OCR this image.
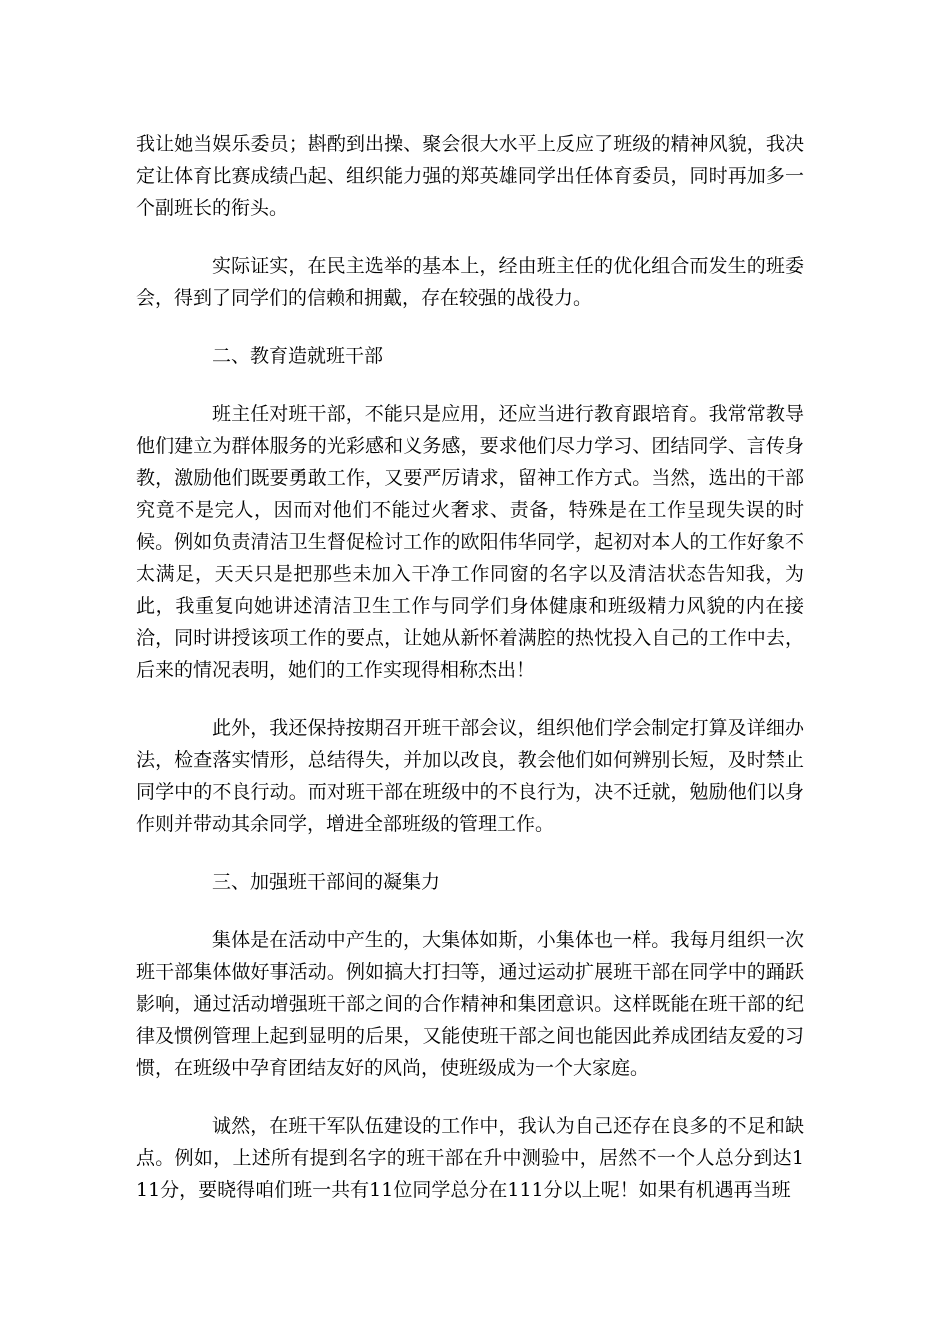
我让她当娱乐委员；斟酌到出操、聚会很大水平上反应了班级的精神风貌，我决定让体育比赛成绩凸起、组织能力强的郑英雄同学出任体育委员，同时再加多一个副班长的衔头。

实际证实，在民主选举的基本上，经由班主任的优化组合而发生的班委会，得到了同学们的信赖和拥戴，存在较强的战役力。

二、教育造就班干部

班主任对班干部，不能只是应用，还应当进行教育跟培育。我常常教导他们建立为群体服务的光彩感和义务感，要求他们尽力学习、团结同学、言传身教，激励他们既要勇敢工作，又要严厉请求，留神工作方式。当然，选出的干部究竟不是完人，因而对他们不能过火奢求、责备，特殊是在工作呈现失误的时候。例如负责清洁卫生督促检讨工作的欧阳伟华同学，起初对本人的工作好象不太满足，天天只是把那些未加入干净工作同窗的名字以及清洁状态告知我，为此，我重复向她讲述清洁卫生工作与同学们身体健康和班级精力风貌的内在接洽，同时讲授该项工作的要点，让她从新怀着满腔的热忱投入自己的工作中去，后来的情况表明，她们的工作实现得相称杰出！

此外，我还保持按期召开班干部会议，组织他们学会制定打算及详细办法，检查落实情形，总结得失，并加以改良，教会他们如何辨别长短，及时禁止同学中的不良行动。而对班干部在班级中的不良行为，决不迁就，勉励他们以身作则并带动其余同学，增进全部班级的管理工作。

三、加强班干部间的凝集力

集体是在活动中产生的，大集体如斯，小集体也一样。我每月组织一次班干部集体做好事活动。例如搞大打扫等，通过运动扩展班干部在同学中的踊跃影响，通过活动增强班干部之间的合作精神和集团意识。这样既能在班干部的纪律及惯例管理上起到显明的后果，又能使班干部之间也能因此养成团结友爱的习惯，在班级中孕育团结友好的风尚，使班级成为一个大家庭。

诚然，在班干军队伍建设的工作中，我认为自己还存在良多的不足和缺点。例如，上述所有提到名字的班干部在升中测验中，居然不一个人总分到达111分，要晓得咱们班一共有11位同学总分在111分以上呢！如果有机遇再当班
